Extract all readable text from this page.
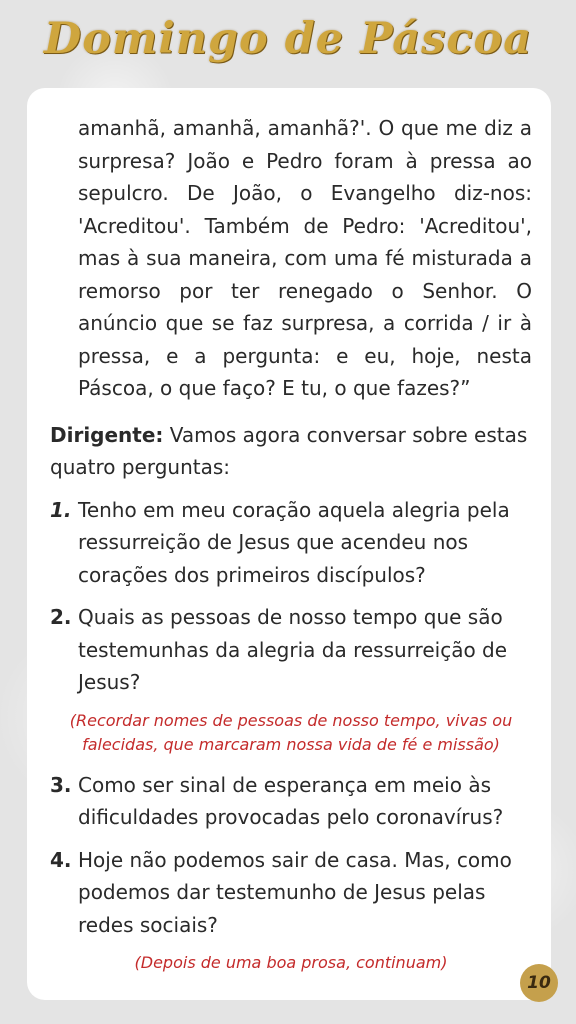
Domingo de Páscoa

amanhã, amanhã, amanhã?'. O que me diz a surpresa? João e Pedro foram à pressa ao sepulcro. De João, o Evangelho diz-nos: 'Acreditou'. Também de Pedro: 'Acreditou', mas à sua maneira, com uma fé misturada a remorso por ter renegado o Senhor. O anúncio que se faz surpresa, a corrida / ir à pressa, e a pergunta: e eu, hoje, nesta Páscoa, o que faço? E tu, o que fazes?”

Dirigente: Vamos agora conversar sobre estas quatro perguntas:

1. Tenho em meu coração aquela alegria pela ressurreição de Jesus que acendeu nos corações dos primeiros discípulos?

2. Quais as pessoas de nosso tempo que são testemunhas da alegria da ressurreição de Jesus?

(Recordar nomes de pessoas de nosso tempo, vivas ou falecidas, que marcaram nossa vida de fé e missão)

3. Como ser sinal de esperança em meio às dificuldades provocadas pelo coronavírus?

4. Hoje não podemos sair de casa. Mas, como podemos dar testemunho de Jesus pelas redes sociais?

(Depois de uma boa prosa, continuam)

10
